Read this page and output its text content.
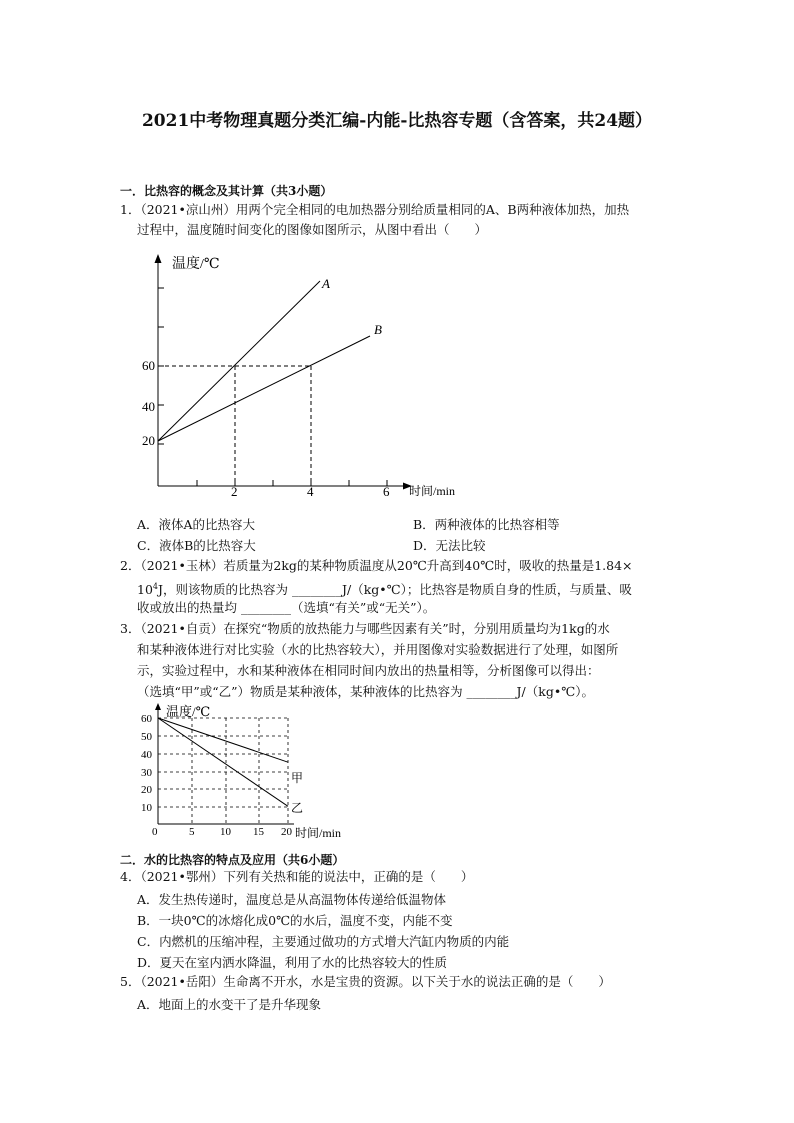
2021中考物理真题分类汇编-内能-比热容专题（含答案，共24题）
一．比热容的概念及其计算（共3小题）
1．（2021•凉山州）用两个完全相同的电加热器分别给质量相同的A、B两种液体加热，加热
过程中，温度随时间变化的图像如图所示，从图中看出（　　）
温度/℃
时间/min
20
40
60
2	4	6
A
B
A．液体A的比热容大	B．两种液体的比热容相等
C．液体B的比热容大	D．无法比较
2．（2021•玉林）若质量为2kg的某种物质温度从20℃升高到40℃时，吸收的热量是1.84×
$10^4J$，则该物质的比热容为 ________J/（kg•℃）；比热容是物质自身的性质，与质量、吸
收或放出的热量均 ________（选填“有关”或“无关”）。
3．（2021•自贡）在探究“物质的放热能力与哪些因素有关”时，分别用质量均为1kg的水
和某种液体进行对比实验（水的比热容较大），并用图像对实验数据进行了处理，如图所
示，实验过程中，水和某种液体在相同时间内放出的热量相等，分析图像可以得出：
（选填“甲”或“乙”）物质是某种液体，某种液体的比热容为 ________J/（kg•℃）。
温度/℃
时间/min
10
20
30
40
50
60
0	5 10 15 20
甲
乙
二．水的比热容的特点及应用（共6小题）
4．（2021•鄂州）下列有关热和能的说法中，正确的是（　　）
A．发生热传递时，温度总是从高温物体传递给低温物体
B．一块0℃的冰熔化成0℃的水后，温度不变，内能不变
C．内燃机的压缩冲程，主要通过做功的方式增大汽缸内物质的内能
D．夏天在室内洒水降温，利用了水的比热容较大的性质
5．（2021•岳阳）生命离不开水，水是宝贵的资源。以下关于水的说法正确的是（　　）
A．地面上的水变干了是升华现象
